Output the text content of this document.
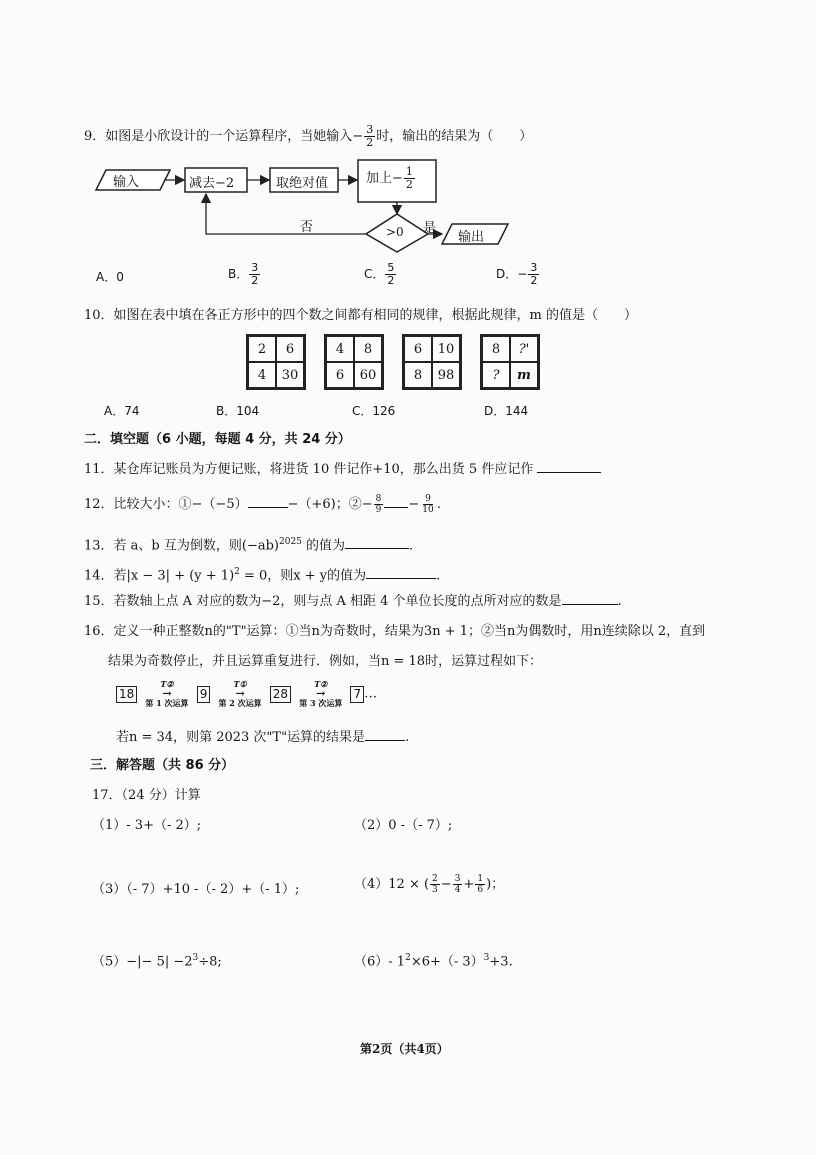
9．如图是小欣设计的一个运算程序，当她输入− $\frac{3}{2}$ 时，输出的结果为（　　）
输入	减去−2	取绝对值	加上− $\frac{1}{2}$
>0
否	是
输出
A．0	B． $\frac{3}{2}$	C． $\frac{5}{2}$	D．− $\frac{3}{2}$
10．如图在表中填在各正方形中的四个数之间都有相同的规律，根据此规律，m 的值是（　　）
2	6
4	30
4	8
6	60
6	10
8	98
8	?'
?	m
A．74	B．104	C．126	D．144
二．填空题（6 小题，每题 4 分，共 24 分）
11．某仓库记账员为方便记账，将进货 10 件记作+10，那么出货 5 件应记作
12．比较大小：①−（−5）	−（+6)；②− $\frac{8}{9} - \frac{9}{10}$ .
13．若 a、b 互为倒数，则$(-ab)^{2025}$ 的值为	.
14．若$|x - 3| + (y + 1)^2 = 0$，则x + y的值为	.
15．若数轴上点 A 对应的数为−2，则与点 A 相距 4 个单位长度的点所对应的数是	.
16．定义一种正整数n的"T"运算：①当n为奇数时，结果为3n + 1；②当n为偶数时，用n连续除以 2，直到
结果为奇数停止，并且运算重复进行．例如，当n = 18时，运算过程如下：
18
T②
→
第 1 次运算
9
T①
→
第 2 次运算
28
T②
→
第 3 次运算
7 …
若n = 34，则第 2023 次"T"运算的结果是	.
三．解答题（共 86 分）
17．（24 分）计算
（1）- 3+（- 2）;	（2）0 -（- 7）;
（3）（- 7）+10 -（- 2）+（- 1）;	（4）12 × ( $\frac{2}{3} - \frac{3}{4} + \frac{1}{6}$ )；
$(5)-|- 5| -2^3\div 8$;	（6）- $1^2\times 6+(-$ 3）$^3$+3.
第2页（共4页）
